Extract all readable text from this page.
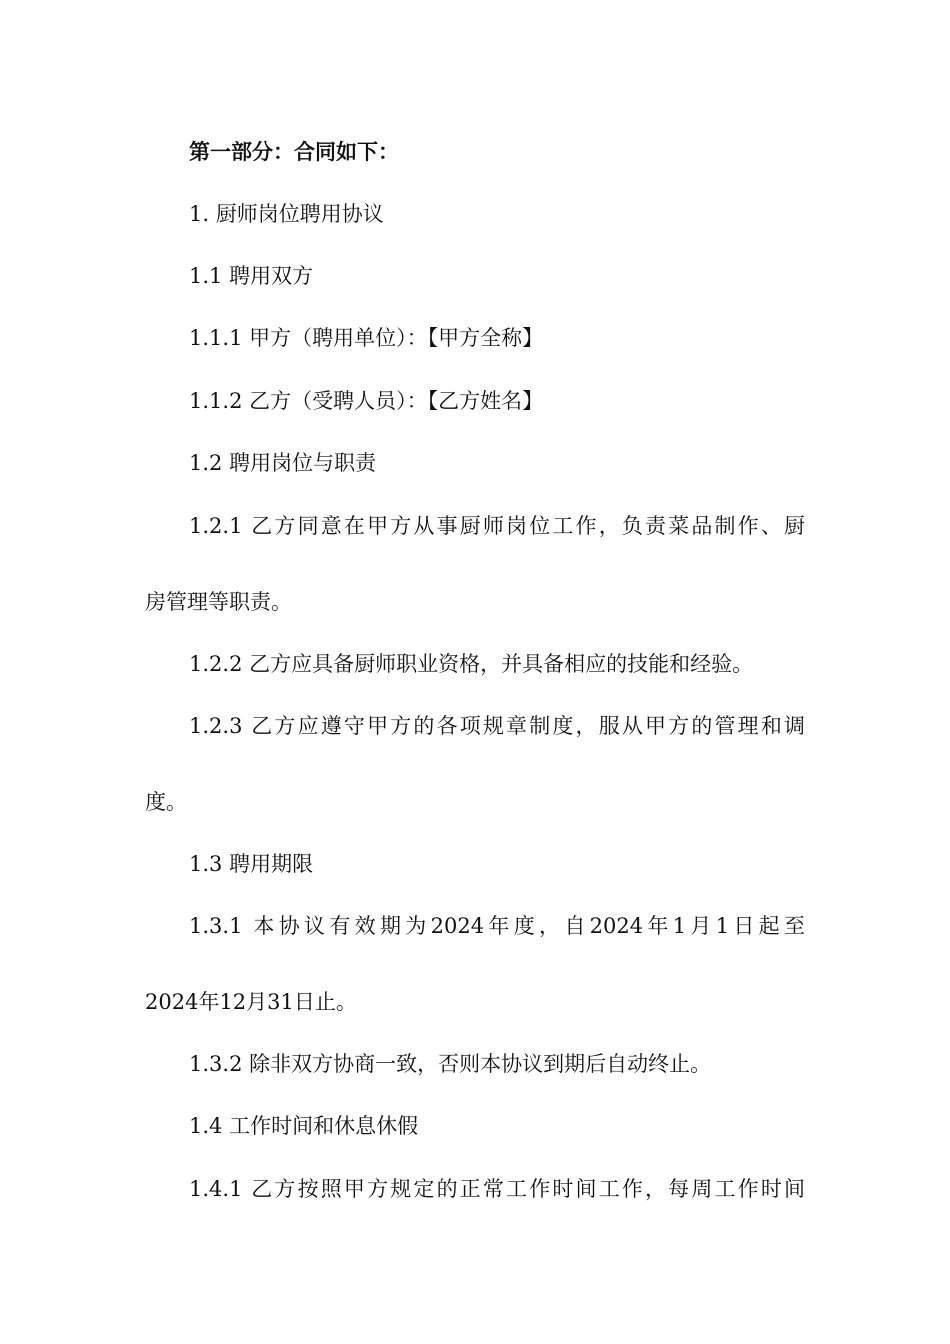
第一部分：合同如下：
1. 厨师岗位聘用协议
1.1 聘用双方
1.1.1 甲方（聘用单位）：【甲方全称】
1.1.2 乙方（受聘人员）：【乙方姓名】
1.2 聘用岗位与职责
1.2.1 乙方同意在甲方从事厨师岗位工作，负责菜品制作、厨
房管理等职责。
1.2.2 乙方应具备厨师职业资格，并具备相应的技能和经验。
1.2.3 乙方应遵守甲方的各项规章制度，服从甲方的管理和调
度。
1.3 聘用期限
1.3.1 本协议有效期为2024年度，自2024年1月1日起至
2024年12月31日止。
1.3.2 除非双方协商一致，否则本协议到期后自动终止。
1.4 工作时间和休息休假
1.4.1 乙方按照甲方规定的正常工作时间工作，每周工作时间
